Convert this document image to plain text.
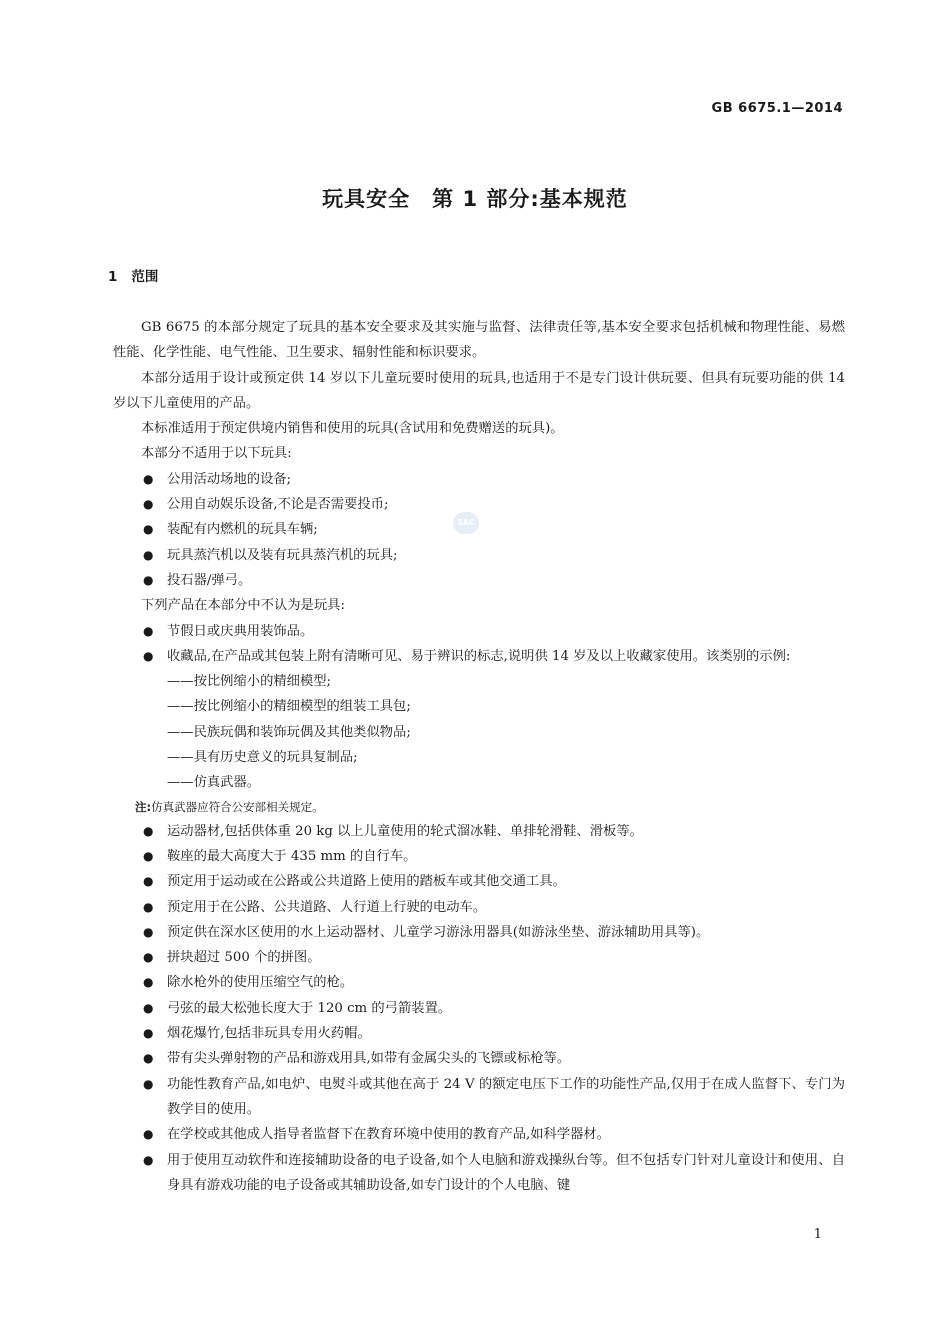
GB 6675.1—2014
玩具安全　第 1 部分:基本规范
1 范围
SAC
GB 6675 的本部分规定了玩具的基本安全要求及其实施与监督、法律责任等,基本安全要求包括机械和物理性能、易燃性能、化学性能、电气性能、卫生要求、辐射性能和标识要求。
本部分适用于设计或预定供 14 岁以下儿童玩要时使用的玩具,也适用于不是专门设计供玩要、但具有玩要功能的供 14 岁以下儿童使用的产品。
本标准适用于预定供境内销售和使用的玩具(含试用和免费赠送的玩具)。
本部分不适用于以下玩具:
● 公用活动场地的设备;
● 公用自动娱乐设备,不论是否需要投币;
● 装配有内燃机的玩具车辆;
● 玩具蒸汽机以及装有玩具蒸汽机的玩具;
● 投石器/弹弓。
下列产品在本部分中不认为是玩具:
● 节假日或庆典用装饰品。
● 收藏品,在产品或其包装上附有清晰可见、易于辨识的标志,说明供 14 岁及以上收藏家使用。该类别的示例:
——按比例缩小的精细模型;
——按比例缩小的精细模型的组装工具包;
——民族玩偶和装饰玩偶及其他类似物品;
——具有历史意义的玩具复制品;
——仿真武器。
注:仿真武器应符合公安部相关规定。
● 运动器材,包括供体重 20 kg 以上儿童使用的轮式溜冰鞋、单排轮滑鞋、滑板等。
● 鞍座的最大高度大于 435 mm 的自行车。
● 预定用于运动或在公路或公共道路上使用的踏板车或其他交通工具。
● 预定用于在公路、公共道路、人行道上行驶的电动车。
● 预定供在深水区使用的水上运动器材、儿童学习游泳用器具(如游泳坐垫、游泳辅助用具等)。
● 拼块超过 500 个的拼图。
● 除水枪外的使用压缩空气的枪。
● 弓弦的最大松弛长度大于 120 cm 的弓箭装置。
● 烟花爆竹,包括非玩具专用火药帽。
● 带有尖头弹射物的产品和游戏用具,如带有金属尖头的飞镖或标枪等。
● 功能性教育产品,如电炉、电熨斗或其他在高于 24 V 的额定电压下工作的功能性产品,仅用于在成人监督下、专门为教学目的使用。
● 在学校或其他成人指导者监督下在教育环境中使用的教育产品,如科学器材。
● 用于使用互动软件和连接辅助设备的电子设备,如个人电脑和游戏操纵台等。但不包括专门针对儿童设计和使用、自身具有游戏功能的电子设备或其辅助设备,如专门设计的个人电脑、键
1
